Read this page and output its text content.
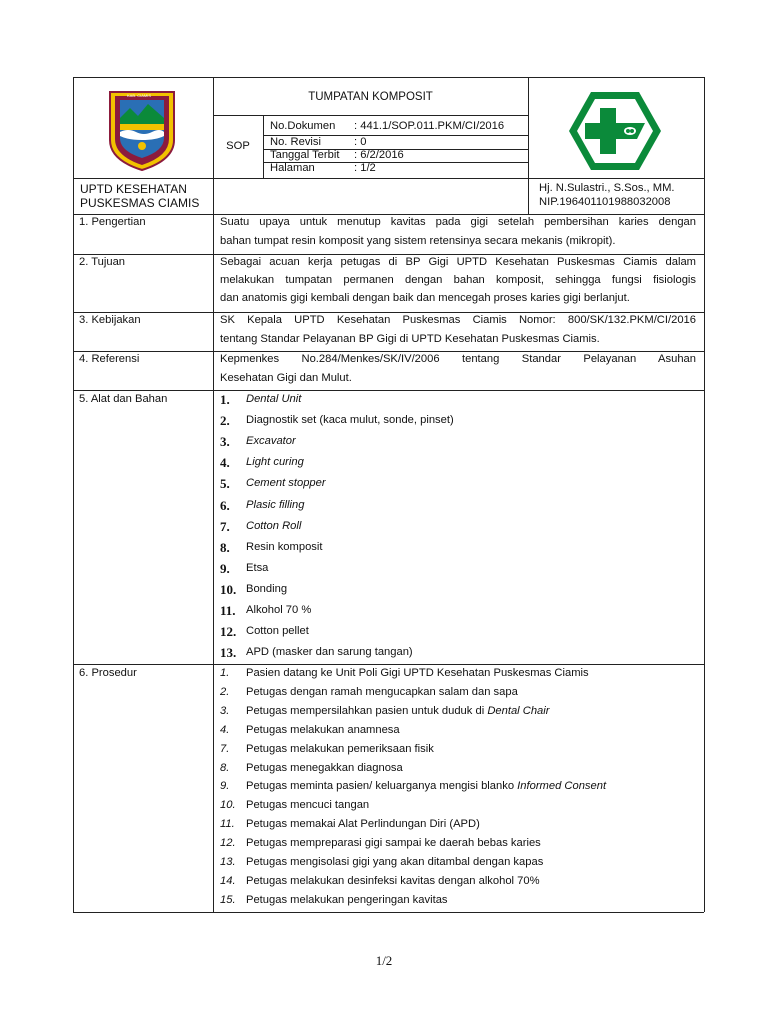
KAB. CIAMIS	TUMPATAN KOMPOSIT
SOP
No.Dokumen : 441.1/SOP.011.PKM/CI/2016
No. Revisi	: 0
Tanggal Terbit : 6/2/2016
Halaman	: 1/2
UPTD KESEHATAN
PUSKESMAS CIAMIS
Hj. N.Sulastri., S.Sos., MM.
NIP.196401101988032008
1. Pengertian	Suatu upaya untuk menutup kavitas pada gigi setelah pembersihan karies dengan
bahan tumpat resin komposit yang sistem retensinya secara mekanis (mikropit).
2. Tujuan	Sebagai acuan kerja petugas di BP Gigi UPTD Kesehatan Puskesmas Ciamis dalam
melakukan tumpatan permanen dengan bahan komposit, sehingga fungsi fisiologis
dan anatomis gigi kembali dengan baik dan mencegah proses karies gigi berlanjut.
3. Kebijakan	SK Kepala UPTD Kesehatan Puskesmas Ciamis Nomor: 800/SK/132.PKM/CI/2016
tentang Standar Pelayanan BP Gigi di UPTD Kesehatan Puskesmas Ciamis.
4. Referensi	Kepmenkes No.284/Menkes/SK/IV/2006 tentang Standar Pelayanan Asuhan
Kesehatan Gigi dan Mulut.
5. Alat dan Bahan	1.	Dental Unit
2.	Diagnostik set (kaca mulut, sonde, pinset)
3.	Excavator
4.	Light curing
5.	Cement stopper
6.	Plasic filling
7.	Cotton Roll
8.	Resin komposit
9.	Etsa
10. Bonding
11. Alkohol 70 %
12. Cotton pellet
13. APD (masker dan sarung tangan)
6. Prosedur	1. Pasien datang ke Unit Poli Gigi UPTD Kesehatan Puskesmas Ciamis
2. Petugas dengan ramah mengucapkan salam dan sapa
3. Petugas mempersilahkan pasien untuk duduk di Dental Chair
4. Petugas melakukan anamnesa
7. Petugas melakukan pemeriksaan fisik
8. Petugas menegakkan diagnosa
9. Petugas meminta pasien/ keluarganya mengisi blanko Informed Consent
10. Petugas mencuci tangan
11. Petugas memakai Alat Perlindungan Diri (APD)
12. Petugas mempreparasi gigi sampai ke daerah bebas karies
13. Petugas mengisolasi gigi yang akan ditambal dengan kapas
14. Petugas melakukan desinfeksi kavitas dengan alkohol 70%
15. Petugas melakukan pengeringan kavitas
1/2
